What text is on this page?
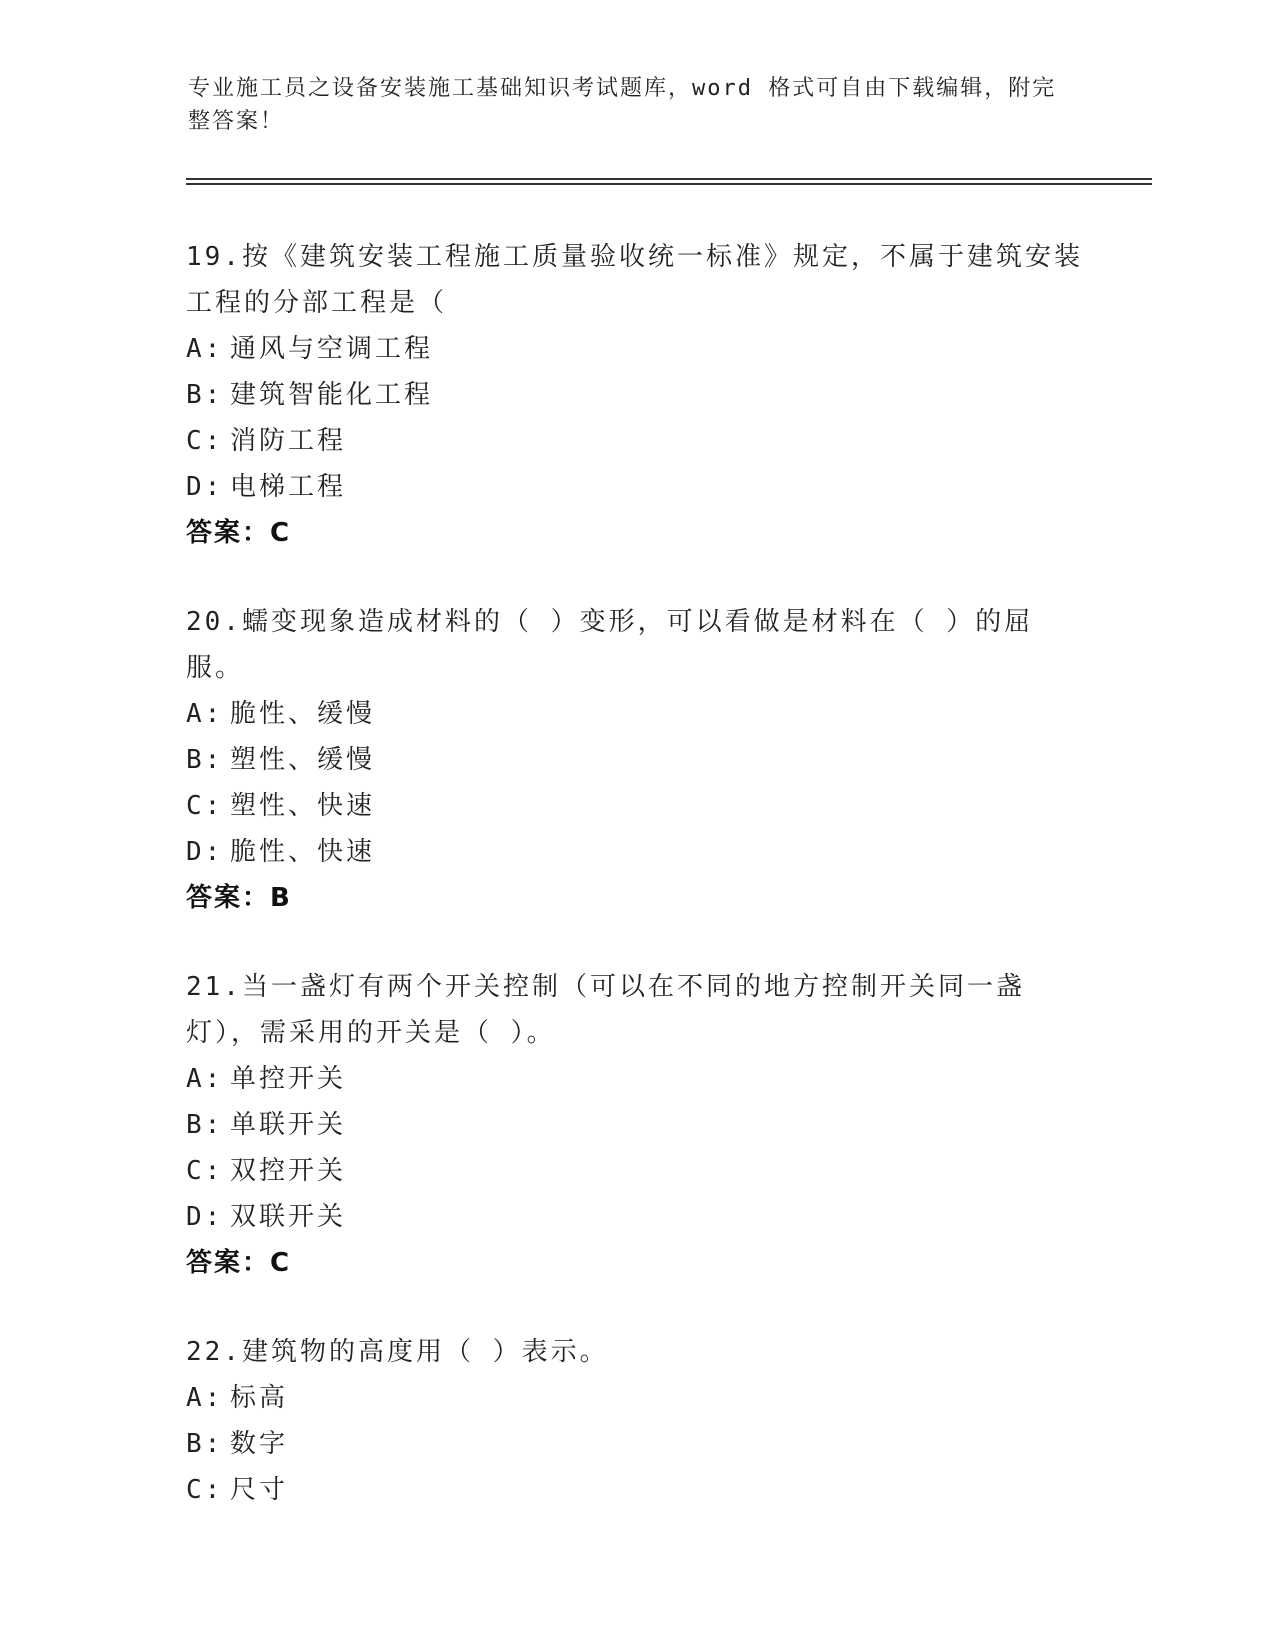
专业施工员之设备安装施工基础知识考试题库，word 格式可自由下载编辑，附完整答案！
19.按《建筑安装工程施工质量验收统一标准》规定，不属于建筑安装工程的分部工程是（
A: 通风与空调工程
B: 建筑智能化工程
C: 消防工程
D: 电梯工程
答案：C
20.蠕变现象造成材料的（ ）变形，可以看做是材料在（ ）的屈服。
A: 脆性、缓慢
B: 塑性、缓慢
C: 塑性、快速
D: 脆性、快速
答案：B
21.当一盏灯有两个开关控制（可以在不同的地方控制开关同一盏灯），需采用的开关是（ ）。
A: 单控开关
B: 单联开关
C: 双控开关
D: 双联开关
答案：C
22.建筑物的高度用（ ）表示。
A: 标高
B: 数字
C: 尺寸
